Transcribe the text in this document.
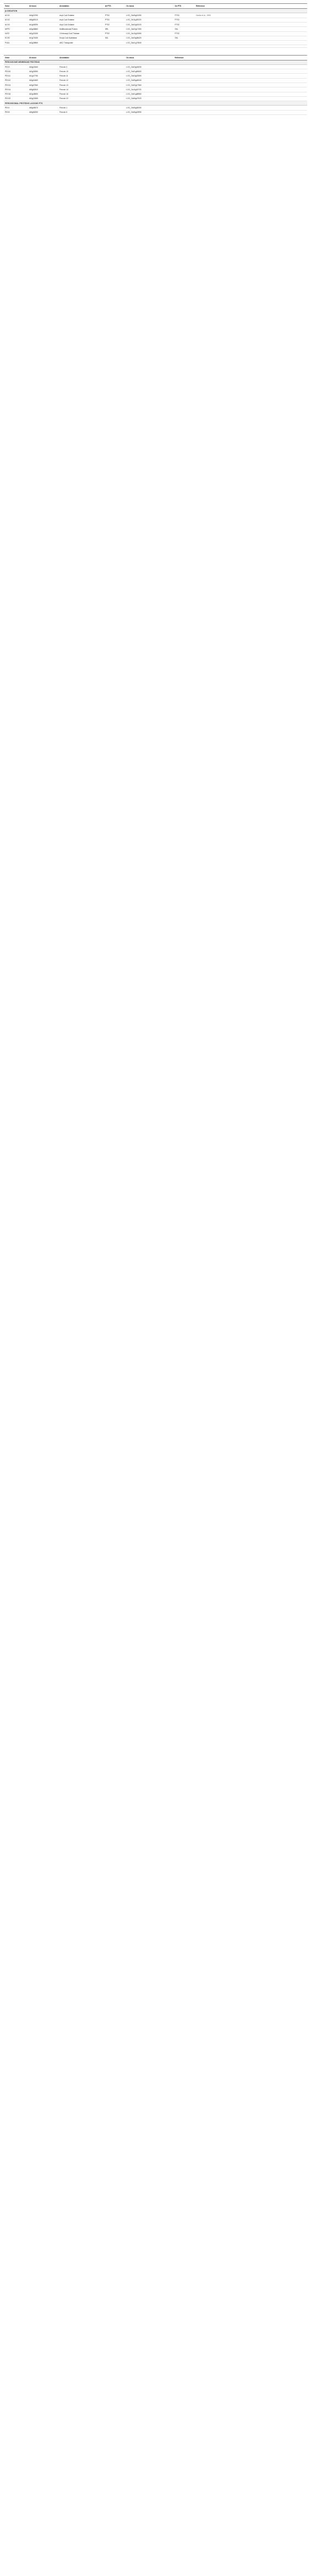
Gene	At locus	Annotation	At PTS	Os locus	Os PTS	Reference
β-OXIDATION						
ACX1	At4g16760	Acyl-CoA Oxidase	PTS2	LOC_Os06g01390	PTS2	Hooks et al., 1999
ACX2	At5g65110	Acyl-CoA Oxidase	PTS2	LOC_Os11g39220	PTS2	
ACX3	At1g06290	Acyl-CoA Oxidase	PTS2	LOC_Os02g02220	PTS2	
MFP2	At3g06860	Multifunctional Protein	SRL	LOC_Os02g17390	SKL	
KAT2	At2g33150	3-Ketoacyl-CoA Thiolase	PTS2	LOC_Os10g31950	PTS2	
ECH2	At1g76150	Enoyl-CoA Hydratase	SSL	LOC_Os03g08420	SKL	
PXA1	At4g39850	ABC Transporter		LOC_Os01g73530		

Gene	At locus	Annotation	Os locus	Reference
PEROXISOME MEMBRANE PROTEINS				
PEX3	At3g18160	Peroxin 3	LOC_Os03g04930	
PEX10	At2g26350	Peroxin 10	LOC_Os01g50600	
PEX11	At1g47750	Peroxin 11	LOC_Os03g02590	
PEX12	At3g04460	Peroxin 12	LOC_Os05g46340	
PEX13	At3g07560	Peroxin 13	LOC_Os02g17960	
PEX14	At5g62810	Peroxin 14	LOC_Os11g03720	
PEX16	At2g45690	Peroxin 16	LOC_Os01g68960	
PEX22	At3g21865	Peroxin 22	LOC_Os06g47920	
PEROXISOMAL PROTEINS LACKING PTS				
PEX1	At5g08470	Peroxin 1	LOC_Os06g05330	
PEX5	At5g56290	Peroxin 5	LOC_Os06g15990	
